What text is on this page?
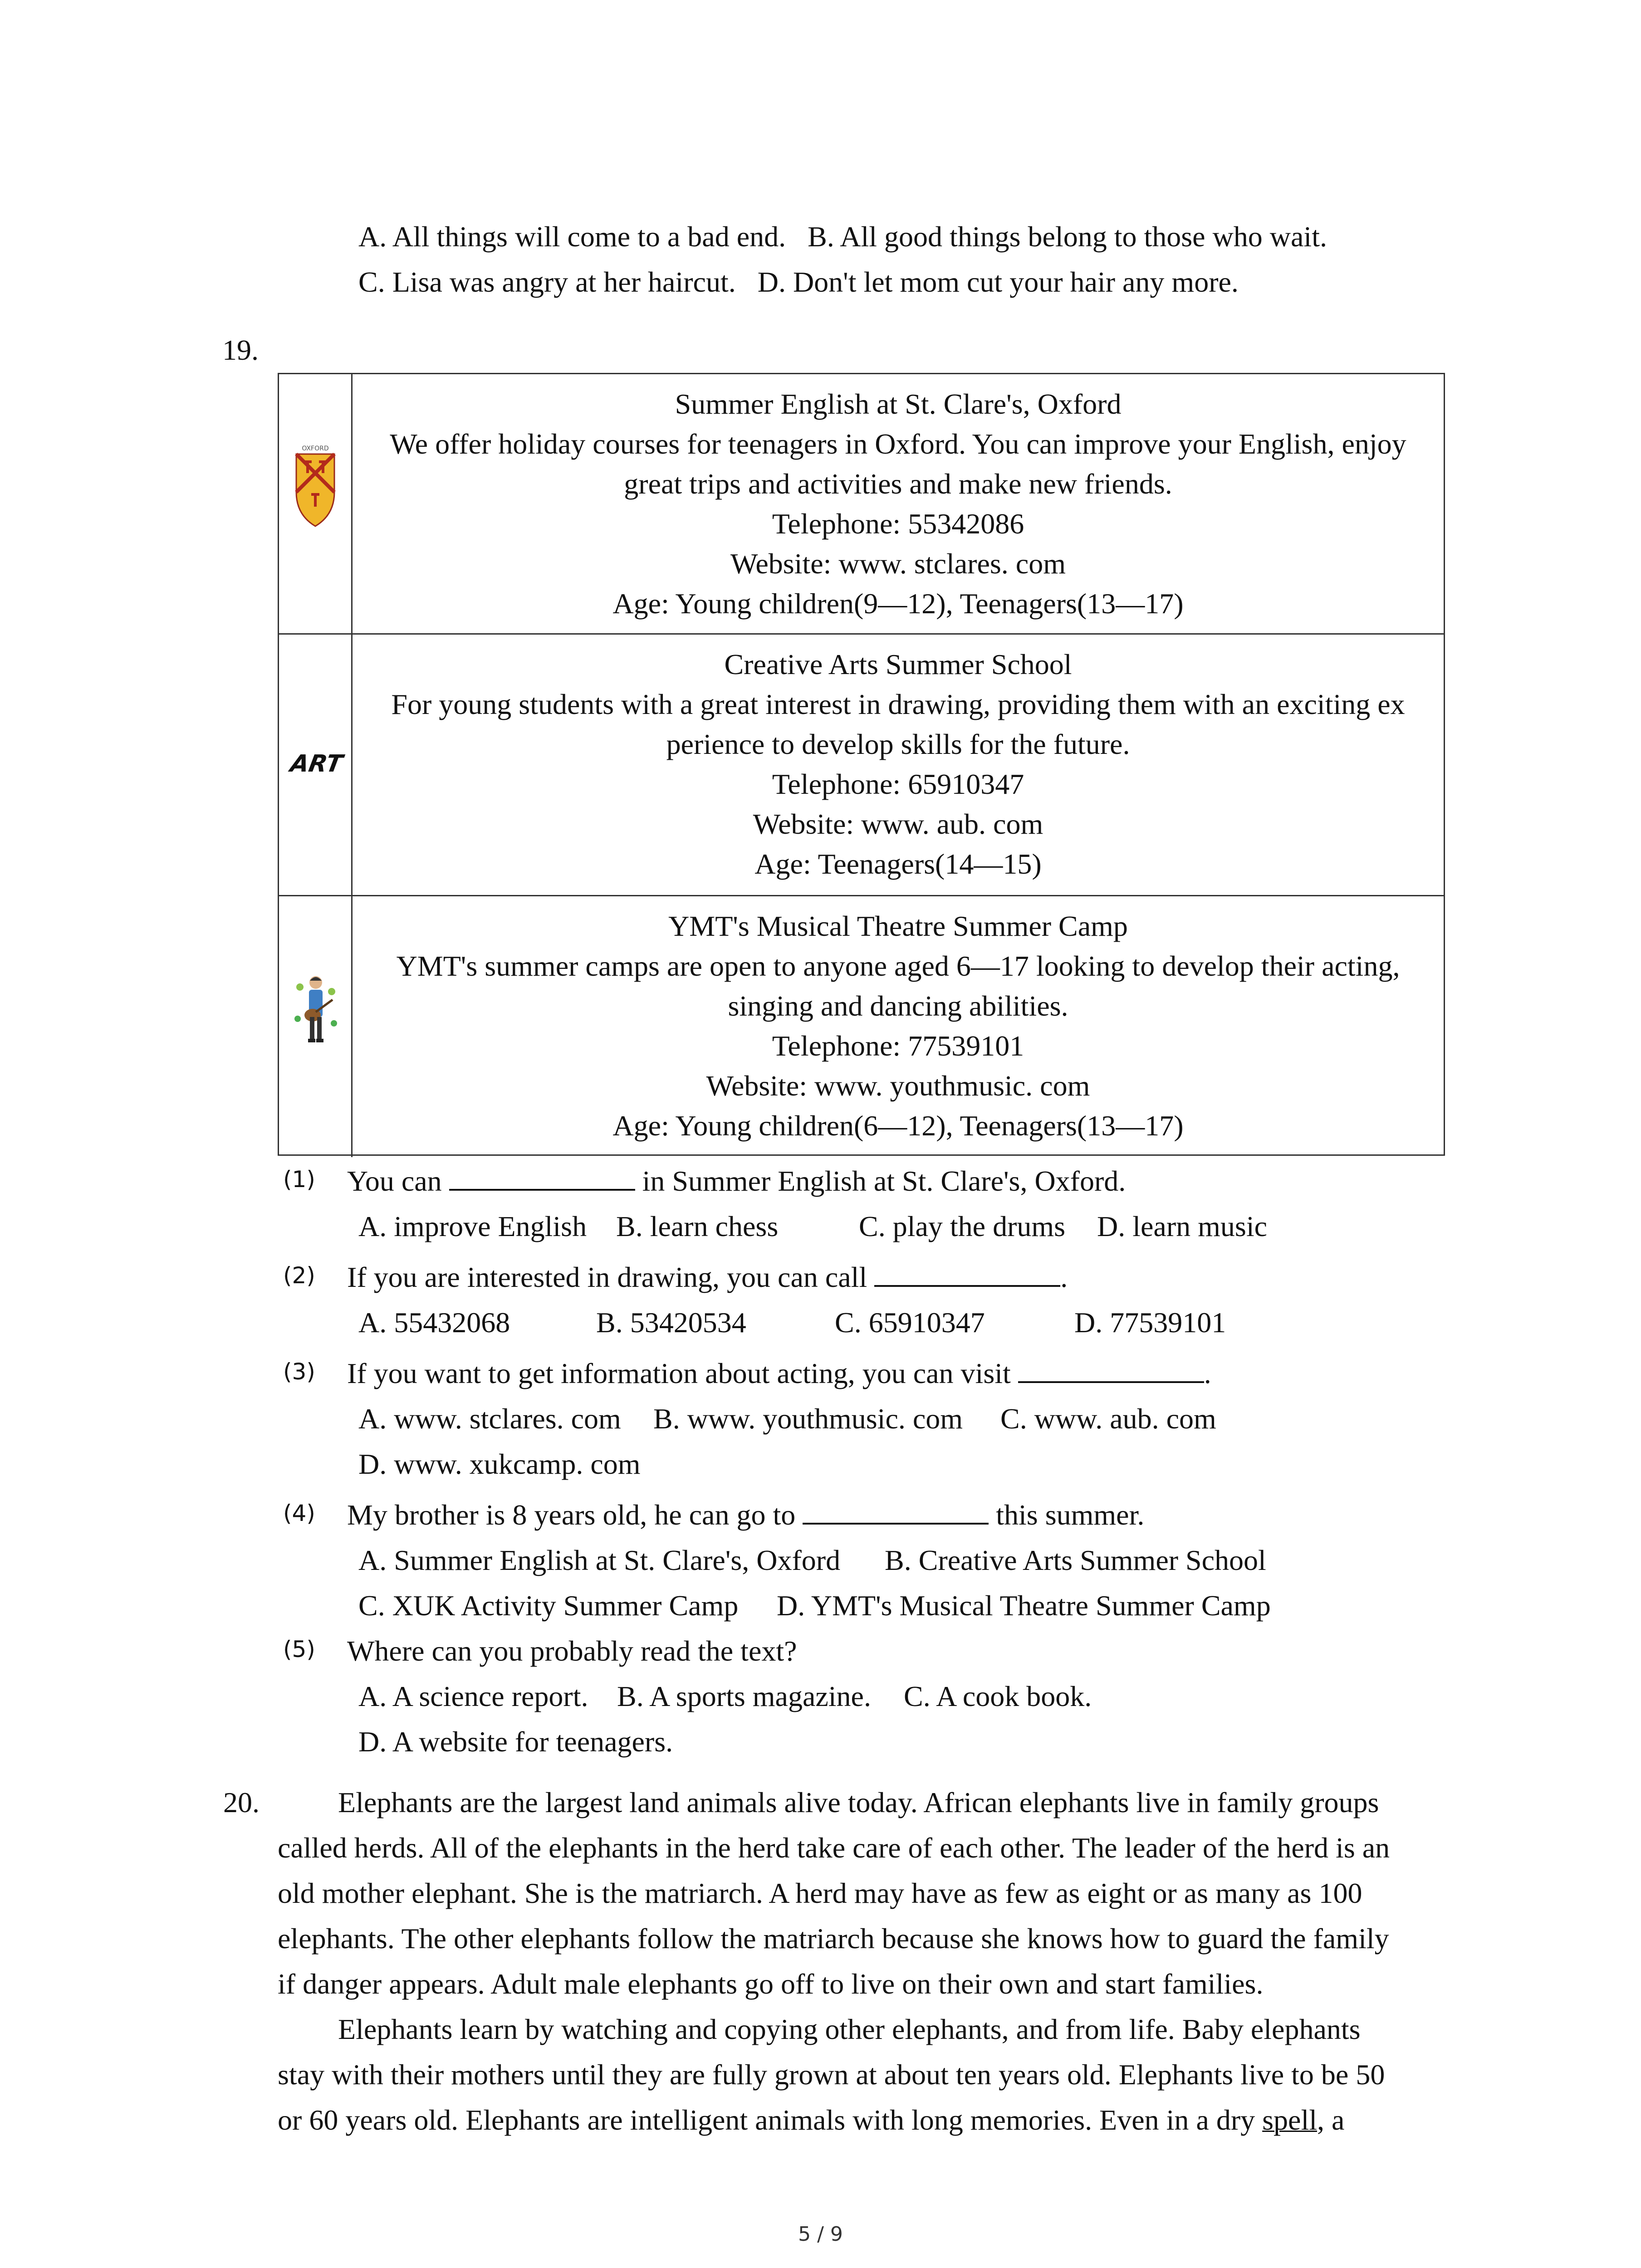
A. All things will come to a bad end.   B. All good things belong to those who wait.
C. Lisa was angry at her haircut.   D. Don't let mom cut your hair any more.
19.
OXFORD
Summer English at St. Clare's, Oxford
We offer holiday courses for teenagers in Oxford. You can improve your English, enjoy
great trips and activities and make new friends.
Telephone: 55342086
Website: www. stclares. com
Age: Young children(9—12), Teenagers(13—17)
ART
Creative Arts Summer School
For young students with a great interest in drawing, providing them with an exciting ex
perience to develop skills for the future.
Telephone: 65910347
Website: www. aub. com
Age: Teenagers(14—15)
YMT's Musical Theatre Summer Camp
YMT's summer camps are open to anyone aged 6—17 looking to develop their acting,
singing and dancing abilities.
Telephone: 77539101
Website: www. youthmusic. com
Age: Young children(6—12), Teenagers(13—17)
(1) You can	in Summer English at St. Clare's, Oxford.
A. improve English B. learn chess	C. play the drums D. learn music
(2) If you are interested in drawing, you can call	.
A. 55432068	B. 53420534	C. 65910347	D. 77539101
(3) If you want to get information about acting, you can visit	.
A. www. stclares. com B. www. youthmusic. com C. www. aub. com
D. www. xukcamp. com
(4) My brother is 8 years old, he can go to	this summer.
A. Summer English at St. Clare's, Oxford B. Creative Arts Summer School
C. XUK Activity Summer Camp D. YMT's Musical Theatre Summer Camp
(5) Where can you probably read the text?
A. A science report. B. A sports magazine. C. A cook book.
D. A website for teenagers.
20.	Elephants are the largest land animals alive today. African elephants live in family groups
called herds. All of the elephants in the herd take care of each other. The leader of the herd is an
old mother elephant. She is the matriarch. A herd may have as few as eight or as many as 100
elephants. The other elephants follow the matriarch because she knows how to guard the family
if danger appears. Adult male elephants go off to live on their own and start families.
Elephants learn by watching and copying other elephants, and from life. Baby elephants
stay with their mothers until they are fully grown at about ten years old. Elephants live to be 50
or 60 years old. Elephants are intelligent animals with long memories. Even in a dry spell, a
5 / 9
